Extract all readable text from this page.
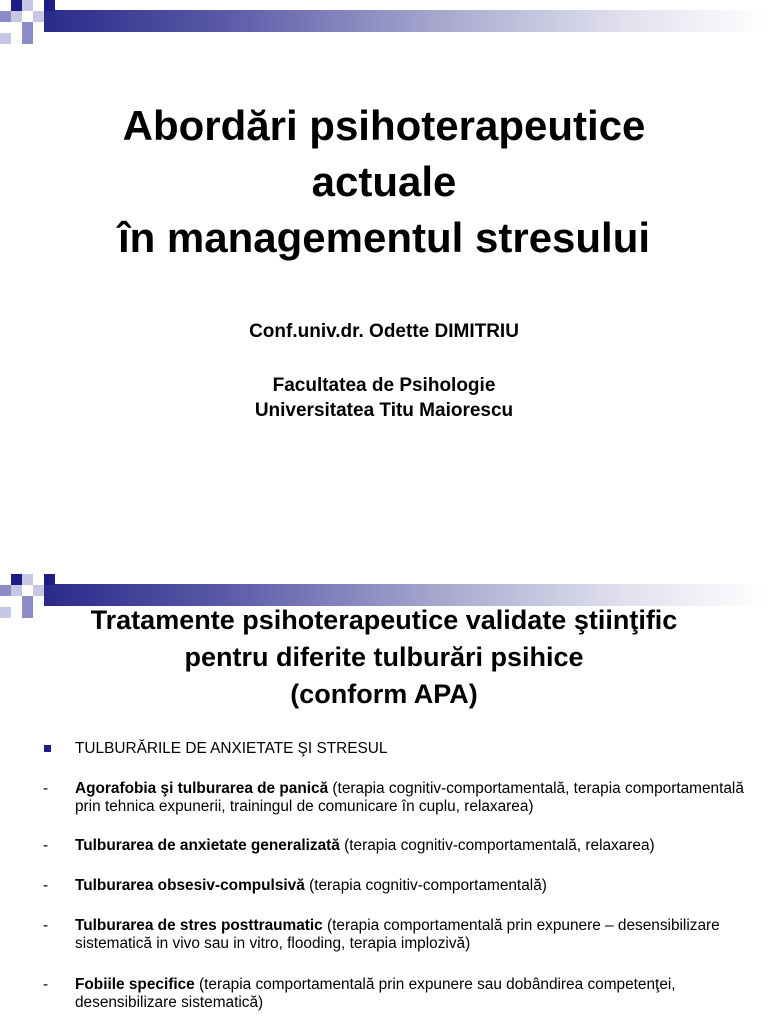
Abordări psihoterapeutice
actuale
în managementul stresului
Conf.univ.dr. Odette DIMITRIU
Facultatea de Psihologie
Universitatea Titu Maiorescu
Tratamente psihoterapeutice validate ştiinţific
pentru diferite tulburări psihice
(conform APA)
TULBURĂRILE DE ANXIETATE ŞI STRESUL
- Agorafobia şi tulburarea de panică (terapia cognitiv-comportamentală, terapia comportamentală prin tehnica expunerii, trainingul de comunicare în cuplu, relaxarea)
- Tulburarea de anxietate generalizată (terapia cognitiv-comportamentală, relaxarea)
- Tulburarea obsesiv-compulsivă (terapia cognitiv-comportamentală)
- Tulburarea de stres posttraumatic (terapia comportamentală prin expunere – desensibilizare sistematică in vivo sau in vitro, flooding, terapia implozivă)
- Fobiile specifice (terapia comportamentală prin expunere sau dobândirea competenţei, desensibilizare sistematică)
